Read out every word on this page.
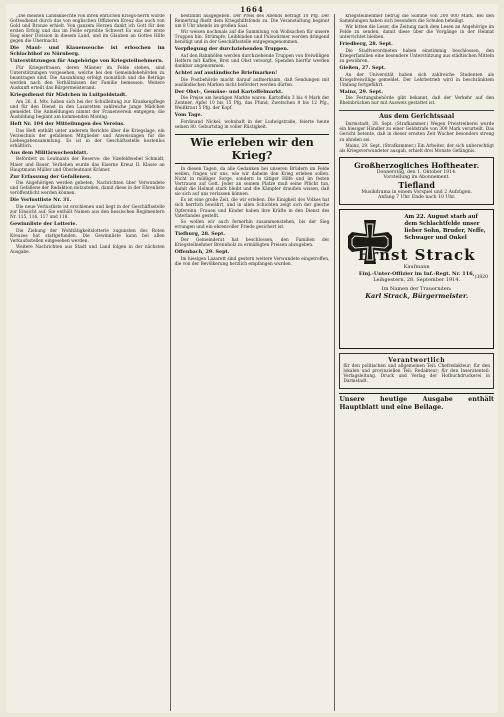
1664

„Die meisten Landsknechte von ihren ehrlichen Kriegs-herrn wurde Gottesdienst durch das von englischen Offizieren Kreuz das auch von Gold und Bronze erhielt. Von ganzem Herzen dankt ich Gott für den ersten Erfolg und das im Felde erprobte Schwert Es war der erste Sieg einer Division in diesem Land, und im Glauben an Gottes Hilfe gegen die Ubermacht.

Die Maul- und Klauenseuche ist erloschen im Schlachthof zu Nürnberg.

Unterstützungen für Angehörige von Kriegsteilnehmern.

Für Kriegerfrauen, deren Männer im Felde stehen, sind Unterstützungen vorgesehen, welche bei den Gemeindebehörden zu beantragen sind. Die Auszahlung erfolgt monatlich und die Beträge werden nach den Verhältnissen der Familie bemessen. Weitere Auskunft erteilt das Bürgermeisteramt.

Kriegsdienst für Mädchen in Luitpoldstadt.

Am 26. d. Mts. haben sich bei der Schulleitung zur Krankenpflege und für den Dienst in den Lazaretten zahlreiche junge Mädchen gemeldet. Die Anmeldungen nimmt der Frauenverein entgegen; die Ausbildung beginnt am kommenden Montag.

Heft Nr. 104 der Mitteilungen des Vereins.

Das Heft enthält unter anderem Berichte über die Kriegslage, ein Verzeichnis der gefallenen Mitglieder und Anweisungen für die Liebesgabensammlung. Es ist in der Geschäftsstelle kostenlos erhältlich.

Aus dem Militärwochenblatt.

Befördert zu Leutnants der Reserve: die Vizefeldwebel Schmidt, Maier und Bauer. Verliehen wurde das Eiserne Kreuz II. Klasse an Hauptmann Müller und Oberleutnant Krämer.

Zur Erfassung der Gefallenen.

Die Angehörigen werden gebeten, Nachrichten über Verwundete und Gefallene der Redaktion mitzuteilen, damit diese in der Ehrenliste veröffentlicht werden können.

Die Verlustliste Nr. 31.

Die neue Verlustliste ist erschienen und liegt in der Geschäftsstelle zur Einsicht auf. Sie enthält Namen aus den hessischen Regimentern Nr. 115, 116, 117 und 118.

Gewinnliste der Lotterie.

Die Ziehung der Wohltätigkeitslotterie zugunsten des Roten Kreuzes hat stattgefunden. Die Gewinnliste kann bei allen Verkaufsstellen eingesehen werden.

Weitere Nachrichten aus Stadt und Land folgen in der nächsten Ausgabe.

bestimmt ausgegeben. Der Preis des Abends beträgt 10 Pfg. Der Reinertrag fließt dem Kriegshilfsfonds zu. Die Veranstaltung beginnt um 8 Uhr abends im großen Saal.

Wir weisen nochmals auf die Sammlung von Wollsachen für unsere Truppen hin. Strümpfe, Leibbinden und Pulswärmer werden dringend benötigt und in der Geschäftsstelle entgegengenommen.

Verpflegung der durchziehenden Truppen.

Auf den Bahnhöfen werden durchziehende Truppen von freiwilligen Helfern mit Kaffee, Brot und Obst versorgt. Spenden hierfür werden dankbar angenommen.

Achtet auf ausländische Briefmarken!

Die Postbehörde macht darauf aufmerksam, daß Sendungen mit ausländischen Marken nicht befördert werden dürfen.

Der Obst-, Gemüse- und Kartoffelmarkt.

Die Preise am heutigen Markte waren: Kartoffeln 3 bis 4 Mark der Zentner, Äpfel 10 bis 15 Pfg. das Pfund, Zwetschen 8 bis 12 Pfg., Weißkraut 5 Pfg. der Kopf.

Vom Tage.

Ferdinand Nickel, wohnhaft in der Ludwigstraße, feierte heute seinen 80. Geburtstag in voller Rüstigkeit.

Wie erleben wir den Krieg?

In diesen Tagen, da alle Gedanken bei unseren Brüdern im Felde weilen, fragen wir uns, wie wir daheim den Krieg erleben sollen. Nicht in müßiger Sorge, sondern in tätiger Hilfe und im festen Vertrauen auf Gott. Jeder an seinem Platze muß seine Pflicht tun, damit die Heimat stark bleibt und die Kämpfer draußen wissen, daß sie sich auf uns verlassen können.

Es ist eine große Zeit, die wir erleben. Die Einigkeit des Volkes hat sich herrlich bewährt, und in allen Schichten zeigt sich der gleiche Opfersinn. Frauen und Kinder haben ihre Kräfte in den Dienst des Vaterlandes gestellt.

So wollen wir auch fernerhin zusammenstehen, bis der Sieg errungen und ein ehrenvoller Friede gesichert ist.

Tiefburg, 28. Sept.

Der Gemeinderat hat beschlossen, den Familien der Kriegsteilnehmer Brennholz zu ermäßigten Preisen abzugeben.

Offenbach, 29. Sept.

Im hiesigen Lazarett sind gestern weitere Verwundete eingetroffen, die von der Bevölkerung herzlich empfangen wurden.

kriegsteilnehmer betrug die Summe von 200 000 Mark. Bei den Sammlungen haben sich besonders die Schulen beteiligt.

Wir bitten die Leser, die Zeitung nach dem Lesen an Angehörige im Felde zu senden, damit diese über die Vorgänge in der Heimat unterrichtet bleiben.

Friedberg, 28. Sept.

Die Stadtverordneten haben einstimmig beschlossen, den Kriegerfamilien eine besondere Unterstützung aus städtischen Mitteln zu gewähren.

Gießen, 27. Sept.

An der Universität haben sich zahlreiche Studenten als Kriegsfreiwillige gemeldet. Der Lehrbetrieb wird in beschränktem Umfang fortgeführt.

Mainz, 29. Sept.

Die Festungsbehörde gibt bekannt, daß der Verkehr auf den Rheinbrücken nur mit Ausweis gestattet ist.

Aus dem Gerichtssaal

Darmstadt, 28. Sept. (Strafkammer.) Wegen Preistreiberei wurde ein hiesiger Händler zu einer Geldstrafe von 300 Mark verurteilt. Das Gericht betonte, daß in dieser ernsten Zeit Wucher besonders streng zu ahnden sei.

Mainz, 29. Sept. (Strafkammer.) Ein Arbeiter, der sich unberechtigt als Kriegsverwundeter ausgab, erhielt drei Monate Gefängnis.

Großherzogliches Hoftheater.
Donnerstag, den 1. Oktober 1914.
Vorstellung im Abonnement.
Tiefland
Musikdrama in einem Vorspiel und 2 Aufzügen.
Anfang 7 Uhr. Ende nach 10 Uhr.
Am 22. August starb auf dem Schlachtfelde unser lieber Sohn, Bruder, Neffe, Schwager und Onkel
(3820
Ernst Strack
Kaufmann
Einj.-Unter-Offizier im Inf.-Regt. Nr. 116,
Leihgestern, 28. September 1914.
Im Namen der Trauernden:
Karl Strack, Bürgermeister.
Verantwortlich

für den politischen und allgemeinen Teil: Chefredakteur; für den lokalen und provinziellen Teil: Redakteur; für den Inseratenteil: Verlagsleitung. Druck und Verlag der Hofbuchdruckerei in Darmstadt.

Unsere heutige Ausgabe enthält Hauptblatt und eine Beilage.
